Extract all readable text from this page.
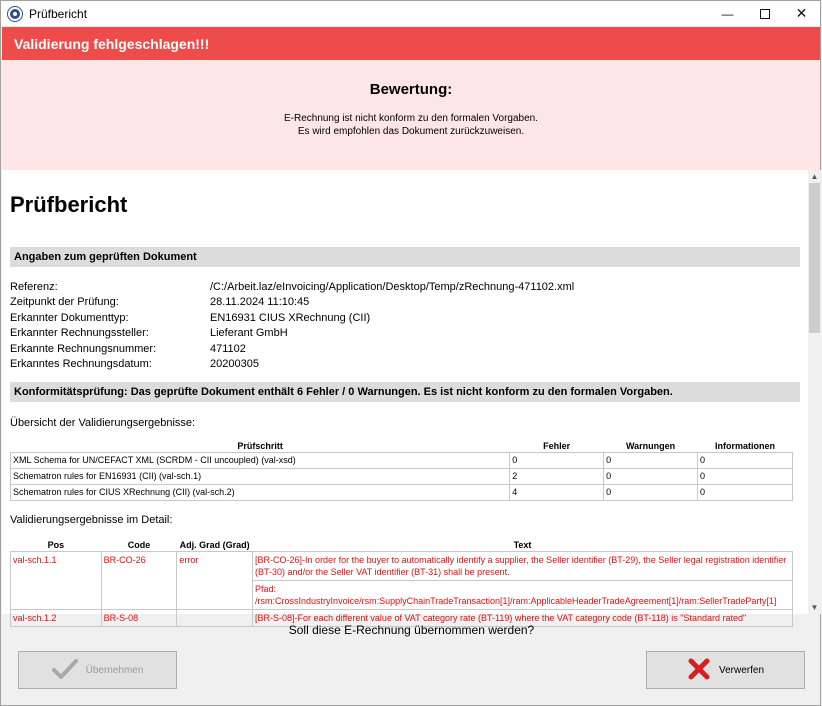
Prüfbericht	—	✕
Validierung fehlgeschlagen!!!
Bewertung:

E-Rechnung ist nicht konform zu den formalen Vorgaben.
Es wird empfohlen das Dokument zurückzuweisen.

Prüfbericht
Angaben zum geprüften Dokument
Referenz:	/C:/Arbeit.laz/eInvoicing/Application/Desktop/Temp/zRechnung-471102.xml
Zeitpunkt der Prüfung:	28.11.2024 11:10:45
Erkannter Dokumenttyp:	EN16931 CIUS XRechnung (CII)
Erkannter Rechnungssteller:	Lieferant GmbH
Erkannte Rechnungsnummer:	471102
Erkanntes Rechnungsdatum:	20200305
Konformitätsprüfung: Das geprüfte Dokument enthält 6 Fehler / 0 Warnungen. Es ist nicht konform zu den formalen Vorgaben.
Übersicht der Validierungsergebnisse:
Prüfschritt	Fehler	Warnungen	Informationen
XML Schema for UN/CEFACT XML (SCRDM - CII uncoupled) (val-xsd)	0	0	0
Schematron rules for EN16931 (CII) (val-sch.1)	2	0	0
Schematron rules for CIUS XRechnung (CII) (val-sch.2)	4	0	0
Validierungsergebnisse im Detail:
Pos	Code	Adj. Grad (Grad)	Text
val-sch.1.1	BR-CO-26	error	[BR-CO-26]-In order for the buyer to automatically identify a supplier, the Seller identifier (BT-29), the Seller legal registration identifier (BT-30) and/or the Seller VAT identifier (BT-31) shall be present.
			Pfad: /rsm:CrossIndustryInvoice/rsm:SupplyChainTradeTransaction[1]/ram:ApplicableHeaderTradeAgreement[1]/ram:SellerTradeParty[1]
val-sch.1.2	BR-S-08		[BR-S-08]-For each different value of VAT category rate (BT-119) where the VAT category code (BT-118) is "Standard rated"
▲
▼
Soll diese E-Rechnung übernommen werden?
Übernehmen	Verwerfen
